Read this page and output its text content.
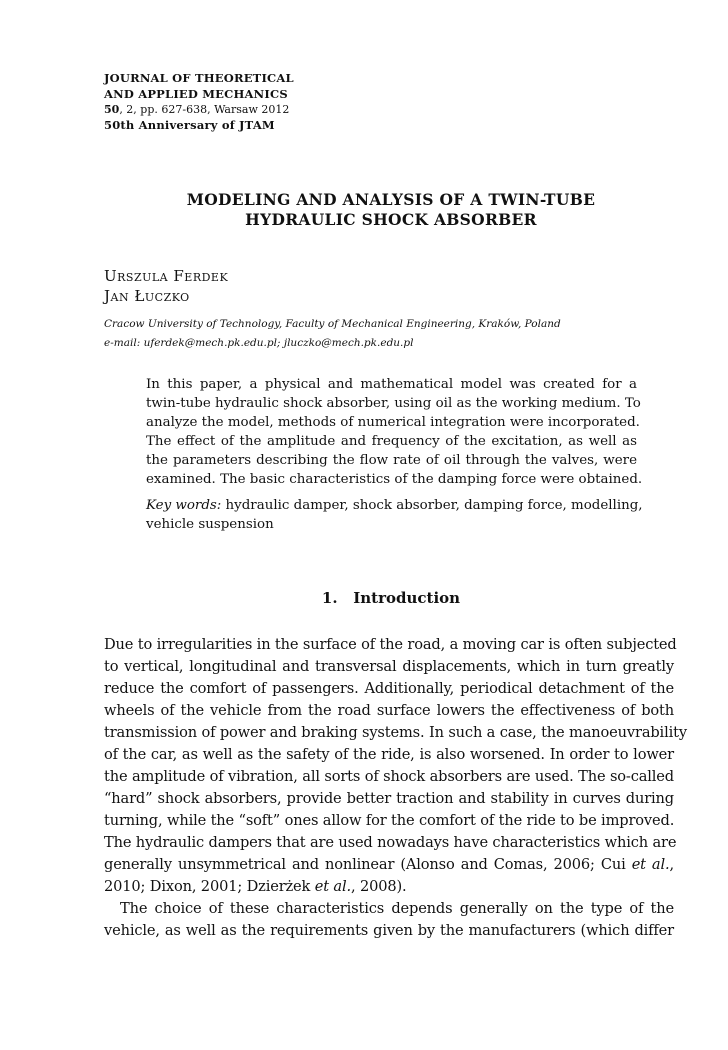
JOURNAL OF THEORETICAL
AND APPLIED MECHANICS
50, 2, pp. 627-638, Warsaw 2012
50th Anniversary of JTAM
MODELING AND ANALYSIS OF A TWIN-TUBE
HYDRAULIC SHOCK ABSORBER
Urszula Ferdek
Jan Łuczko
Cracow University of Technology, Faculty of Mechanical Engineering, Kraków, Poland
e-mail: uferdek@mech.pk.edu.pl; jluczko@mech.pk.edu.pl
In this paper, a physical and mathematical model was created for a
twin-tube hydraulic shock absorber, using oil as the working medium. To
analyze the model, methods of numerical integration were incorporated.
The effect of the amplitude and frequency of the excitation, as well as
the parameters describing the flow rate of oil through the valves, were
examined. The basic characteristics of the damping force were obtained.
Key words: hydraulic damper, shock absorber, damping force, modelling,
vehicle suspension
1. Introduction
Due to irregularities in the surface of the road, a moving car is often subjected
to vertical, longitudinal and transversal displacements, which in turn greatly
reduce the comfort of passengers. Additionally, periodical detachment of the
wheels of the vehicle from the road surface lowers the effectiveness of both
transmission of power and braking systems. In such a case, the manoeuvrability
of the car, as well as the safety of the ride, is also worsened. In order to lower
the amplitude of vibration, all sorts of shock absorbers are used. The so-called
“hard” shock absorbers, provide better traction and stability in curves during
turning, while the “soft” ones allow for the comfort of the ride to be improved.
The hydraulic dampers that are used nowadays have characteristics which are
generally unsymmetrical and nonlinear (Alonso and Comas, 2006; Cui et al.,
2010; Dixon, 2001; Dzierżek et al., 2008).
The choice of these characteristics depends generally on the type of the
vehicle, as well as the requirements given by the manufacturers (which differ
